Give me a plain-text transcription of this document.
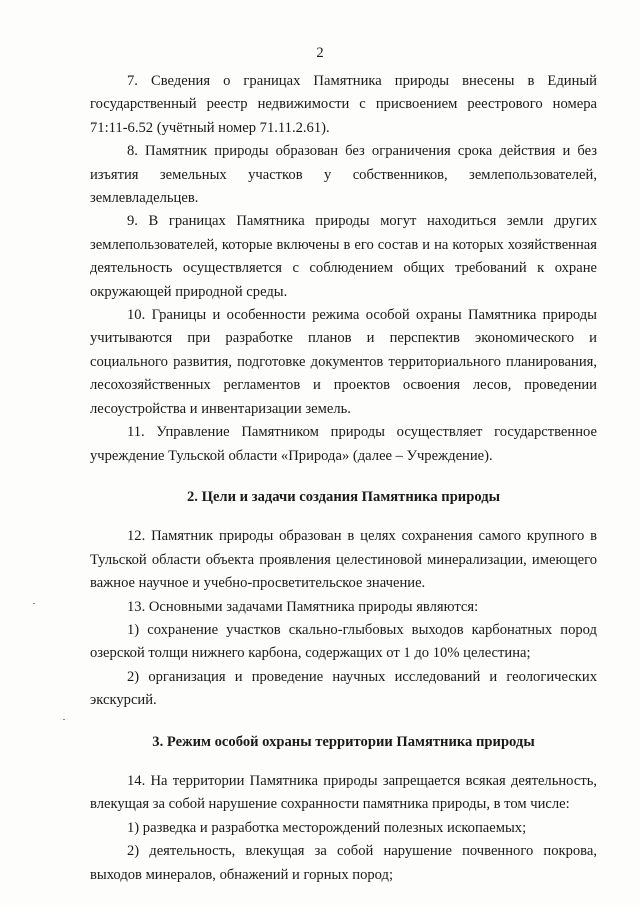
2

7. Сведения о границах Памятника природы внесены в Единый государственный реестр недвижимости с присвоением реестрового номера 71:11-6.52 (учётный номер 71.11.2.61).

8. Памятник природы образован без ограничения срока действия и без изъятия земельных участков у собственников, землепользователей, землевладельцев.

9. В границах Памятника природы могут находиться земли других землепользователей, которые включены в его состав и на которых хозяйственная деятельность осуществляется с соблюдением общих требований к охране окружающей природной среды.

10. Границы и особенности режима особой охраны Памятника природы учитываются при разработке планов и перспектив экономического и социального развития, подготовке документов территориального планирования, лесохозяйственных регламентов и проектов освоения лесов, проведении лесоустройства и инвентаризации земель.

11. Управление Памятником природы осуществляет государственное учреждение Тульской области «Природа» (далее – Учреждение).

2. Цели и задачи создания Памятника природы

12. Памятник природы образован в целях сохранения самого крупного в Тульской области объекта проявления целестиновой минерализации, имеющего важное научное и учебно-просветительское значение.

13. Основными задачами Памятника природы являются:

1) сохранение участков скально-глыбовых выходов карбонатных пород озерской толщи нижнего карбона, содержащих от 1 до 10% целестина;

2) организация и проведение научных исследований и геологических экскурсий.

3. Режим особой охраны территории Памятника природы

14. На территории Памятника природы запрещается всякая деятельность, влекущая за собой нарушение сохранности памятника природы, в том числе:

1) разведка и разработка месторождений полезных ископаемых;

2) деятельность, влекущая за собой нарушение почвенного покрова, выходов минералов, обнажений и горных пород;
